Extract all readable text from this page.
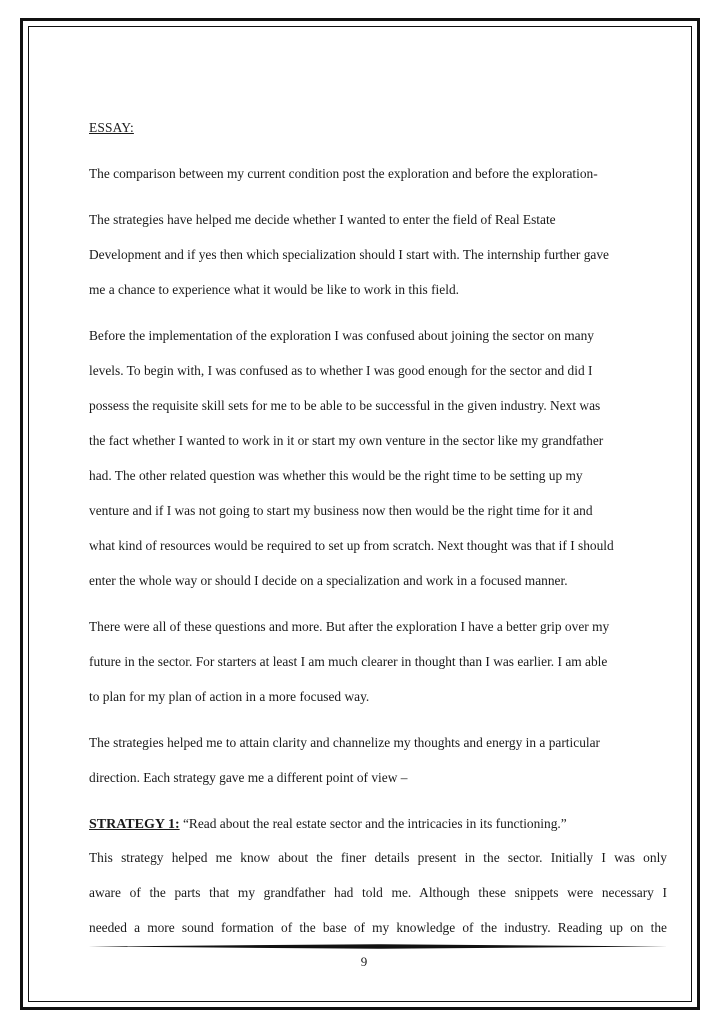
ESSAY:
The comparison between my current condition post the exploration and before the exploration-
The strategies have helped me decide whether I wanted to enter the field of Real Estate
Development and if yes then which specialization should I start with. The internship further gave
me a chance to experience what it would be like to work in this field.
Before the implementation of the exploration I was confused about joining the sector on many
levels. To begin with, I was confused as to whether I was good enough for the sector and did I
possess the requisite skill sets for me to be able to be successful in the given industry. Next was
the fact whether I wanted to work in it or start my own venture in the sector like my grandfather
had. The other related question was whether this would be the right time to be setting up my
venture and if I was not going to start my business now then would be the right time for it and
what kind of resources would be required to set up from scratch. Next thought was that if I should
enter the whole way or should I decide on a specialization and work in a focused manner.
There were all of these questions and more. But after the exploration I have a better grip over my
future in the sector. For starters at least I am much clearer in thought than I was earlier. I am able
to plan for my plan of action in a more focused way.
The strategies helped me to attain clarity and channelize my thoughts and energy in a particular
direction. Each strategy gave me a different point of view –
STRATEGY 1: “Read about the real estate sector and the intricacies in its functioning.”
This strategy helped me know about the finer details present in the sector. Initially I was only
aware of the parts that my grandfather had told me. Although these snippets were necessary I
needed a more sound formation of the base of my knowledge of the industry. Reading up on the
9
